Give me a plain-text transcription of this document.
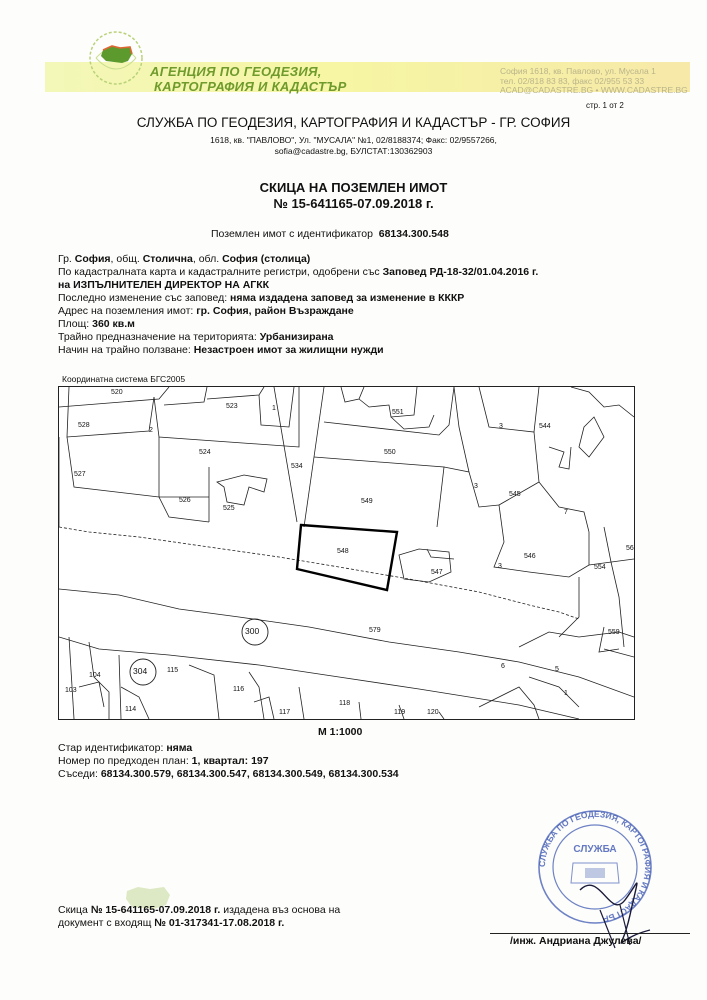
АГЕНЦИЯ ПО ГЕОДЕЗИЯ,
КАРТОГРАФИЯ И КАДАСТЪР
София 1618, кв. Павлово, ул. Мусала 1
тел. 02/818 83 83, факс 02/955 53 33
ACAD@CADASTRE.BG • WWW.CADASTRE.BG
стр. 1 от 2
СЛУЖБА ПО ГЕОДЕЗИЯ, КАРТОГРАФИЯ И КАДАСТЪР - ГР. СОФИЯ
1618, кв. "ПАВЛОВО", Ул. "МУСАЛА" №1, 02/8188374; Факс: 02/9557266,
sofia@cadastre.bg, БУЛСТАТ:130362903
СКИЦА НА ПОЗЕМЛЕН ИМОТ
№ 15-641165-07.09.2018 г.
Поземлен имот с идентификатор 68134.300.548
Гр. София, общ. Столична, обл. София (столица)
По кадастралната карта и кадастралните регистри, одобрени със Заповед РД-18-32/01.04.2016 г.
на ИЗПЪЛНИТЕЛЕН ДИРЕКТОР НА АГКК
Последно изменение със заповед: няма издадена заповед за изменение в КККР
Адрес на поземления имот: гр. София, район Възраждане
Площ: 360 кв.м
Трайно предназначение на територията: Урбанизирана
Начин на трайно ползване: Незастроен имот за жилищни нужди
Координатна система БГС2005
520
523	1
551
3	544
528
2
524
534
550
527
526
525
549
3
545
7
548
547
546
3	554
56
300	579	559
5
6
304	115
104
103	116
114	117
118
119	120
1
М 1:1000
Стар идентификатор: няма
Номер по предходен план: 1, квартал: 197
Съседи: 68134.300.579, 68134.300.547, 68134.300.549, 68134.300.534
Скица № 15-641165-07.09.2018 г. издадена въз основа на
документ с входящ № 01-317341-17.08.2018 г.
СЛУЖБА ПО ГЕОДЕЗИЯ, КАРТОГРАФИЯ И КАДАСТЪР
СЛУЖБА
/инж. Андриана Джулева/
